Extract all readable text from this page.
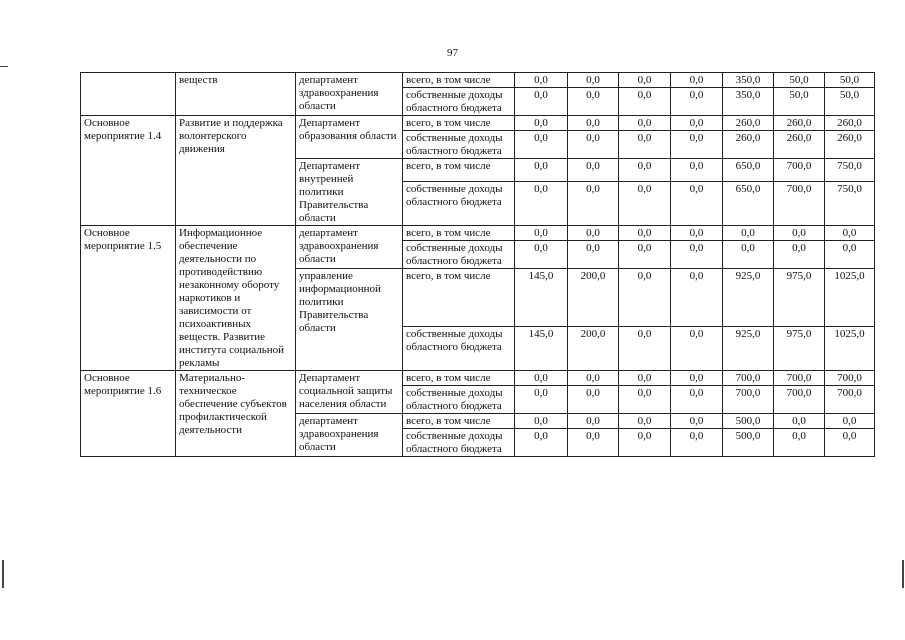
97
	веществ	департамент здравоохранения области	всего, в том числе	0,0	0,0	0,0	0,0	350,0	50,0	50,0
			собственные доходы областного бюджета	0,0	0,0	0,0	0,0	350,0	50,0	50,0
Основное мероприятие 1.4	Развитие и поддержка волонтерского движения	Департамент образования области	всего, в том числе	0,0	0,0	0,0	0,0	260,0	260,0	260,0
			собственные доходы областного бюджета	0,0	0,0	0,0	0,0	260,0	260,0	260,0
		Департамент внутренней политики Правительства области	всего, в том числе	0,0	0,0	0,0	0,0	650,0	700,0	750,0
			собственные доходы областного бюджета	0,0	0,0	0,0	0,0	650,0	700,0	750,0
Основное мероприятие 1.5	Информационное обеспечение деятельности по противодействию незаконному обороту наркотиков и зависимости от психоактивных веществ. Развитие института социальной рекламы	департамент здравоохранения области	всего, в том числе	0,0	0,0	0,0	0,0	0,0	0,0	0,0
			собственные доходы областного бюджета	0,0	0,0	0,0	0,0	0,0	0,0	0,0
		управление информационной политики Правительства области	всего, в том числе	145,0	200,0	0,0	0,0	925,0	975,0	1025,0
			собственные доходы областного бюджета	145,0	200,0	0,0	0,0	925,0	975,0	1025,0
Основное мероприятие 1.6	Материально-техническое обеспечение субъектов профилактической деятельности	Департамент социальной защиты населения области	всего, в том числе	0,0	0,0	0,0	0,0	700,0	700,0	700,0
			собственные доходы областного бюджета	0,0	0,0	0,0	0,0	700,0	700,0	700,0
		департамент здравоохранения области	всего, в том числе	0,0	0,0	0,0	0,0	500,0	0,0	0,0
			собственные доходы областного бюджета	0,0	0,0	0,0	0,0	500,0	0,0	0,0
